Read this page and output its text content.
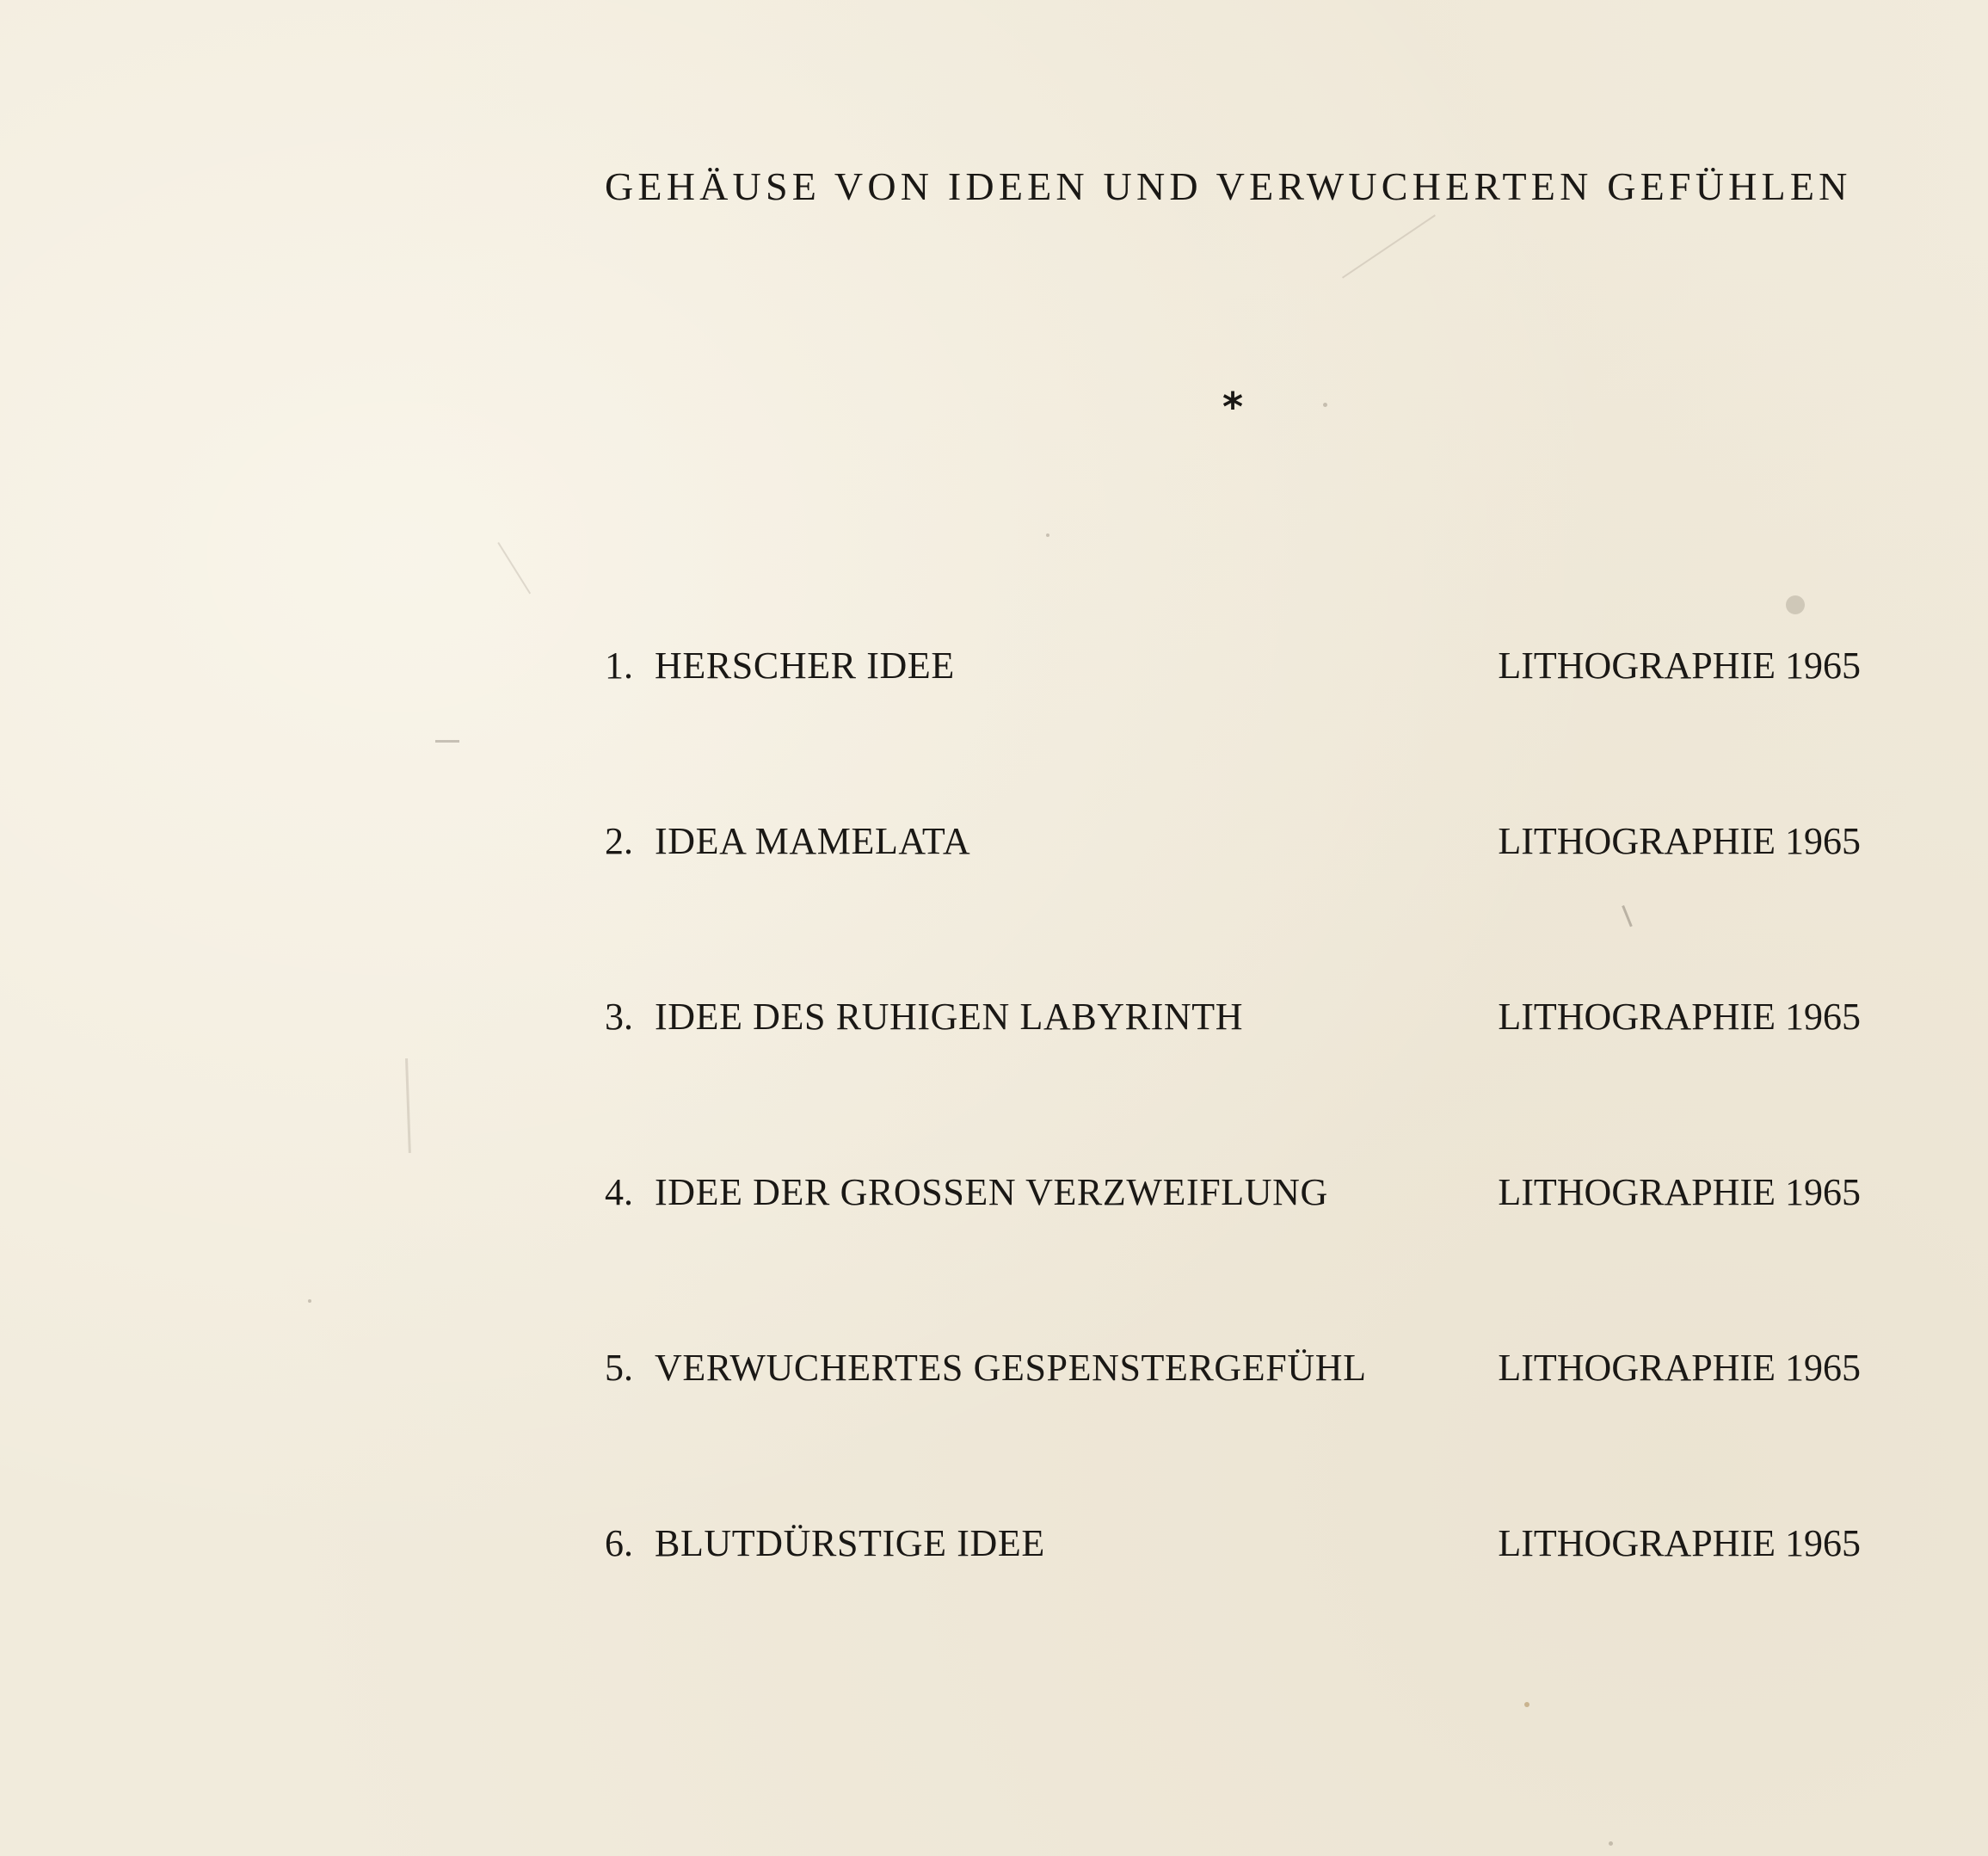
GEHÄUSE VON IDEEN UND VERWUCHERTEN GEFÜHLEN
*
1. HERSCHER IDEE	LITHOGRAPHIE 1965
2. IDEA MAMELATA	LITHOGRAPHIE 1965
3. IDEE DES RUHIGEN LABYRINTH	LITHOGRAPHIE 1965
4. IDEE DER GROSSEN VERZWEIFLUNG	LITHOGRAPHIE 1965
5. VERWUCHERTES GESPENSTERGEFÜHL	LITHOGRAPHIE 1965
6. BLUTDÜRSTIGE IDEE	LITHOGRAPHIE 1965
